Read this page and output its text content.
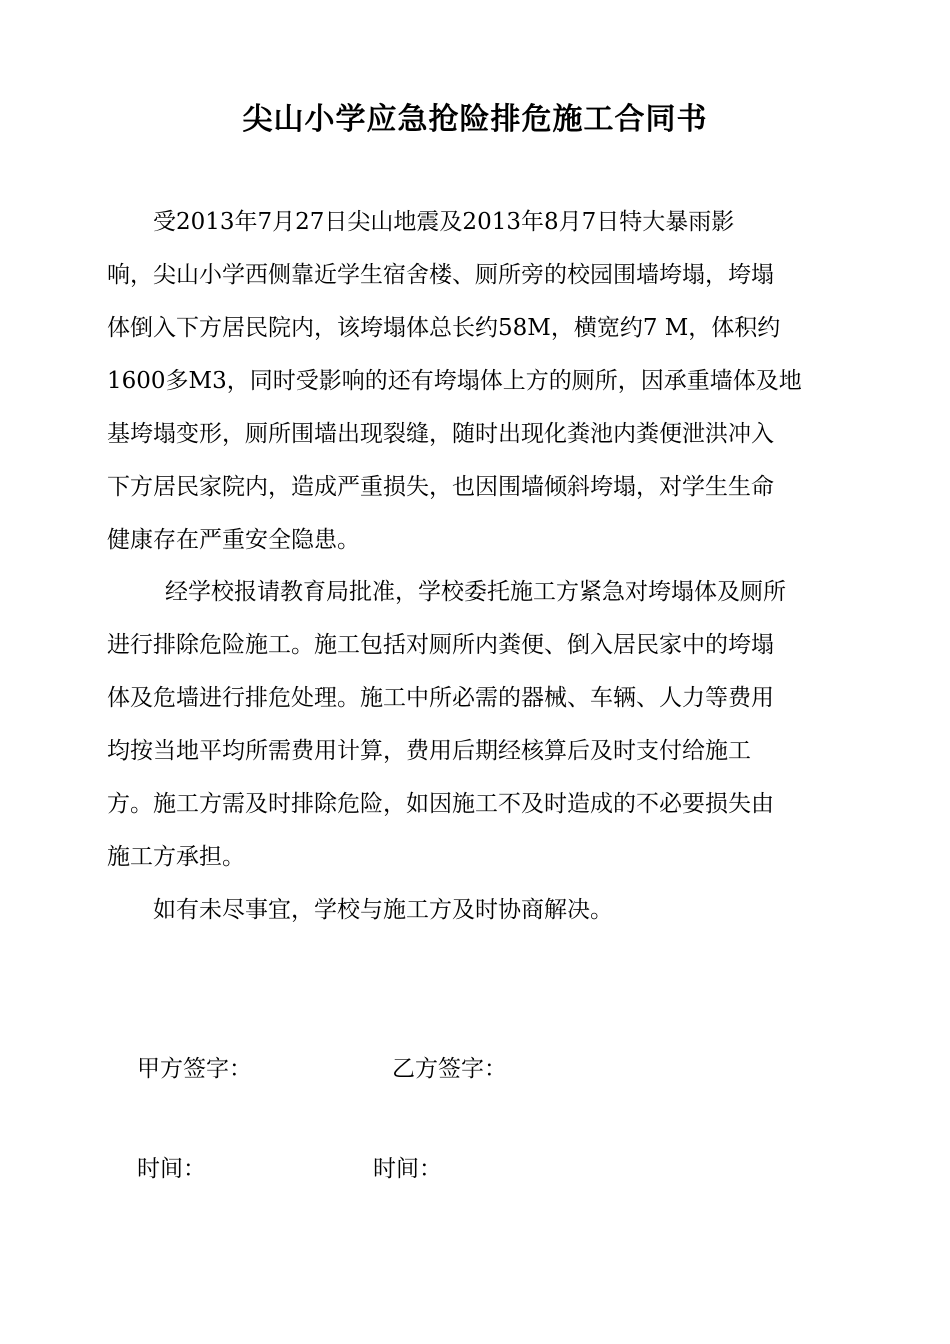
尖山小学应急抢险排危施工合同书
受2013年7月27日尖山地震及2013年8月7日特大暴雨影
响，尖山小学西侧靠近学生宿舍楼、厕所旁的校园围墙垮塌，垮塌
体倒入下方居民院内，该垮塌体总长约58M，横宽约7 M，体积约
1600多M3，同时受影响的还有垮塌体上方的厕所，因承重墙体及地
基垮塌变形，厕所围墙出现裂缝，随时出现化粪池内粪便泄洪冲入
下方居民家院内，造成严重损失，也因围墙倾斜垮塌，对学生生命
健康存在严重安全隐患。
经学校报请教育局批准，学校委托施工方紧急对垮塌体及厕所
进行排除危险施工。施工包括对厕所内粪便、倒入居民家中的垮塌
体及危墙进行排危处理。施工中所必需的器械、车辆、人力等费用
均按当地平均所需费用计算，费用后期经核算后及时支付给施工
方。施工方需及时排除危险，如因施工不及时造成的不必要损失由
施工方承担。
如有未尽事宜，学校与施工方及时协商解决。
甲方签字：	乙方签字：
时间：	时间：
